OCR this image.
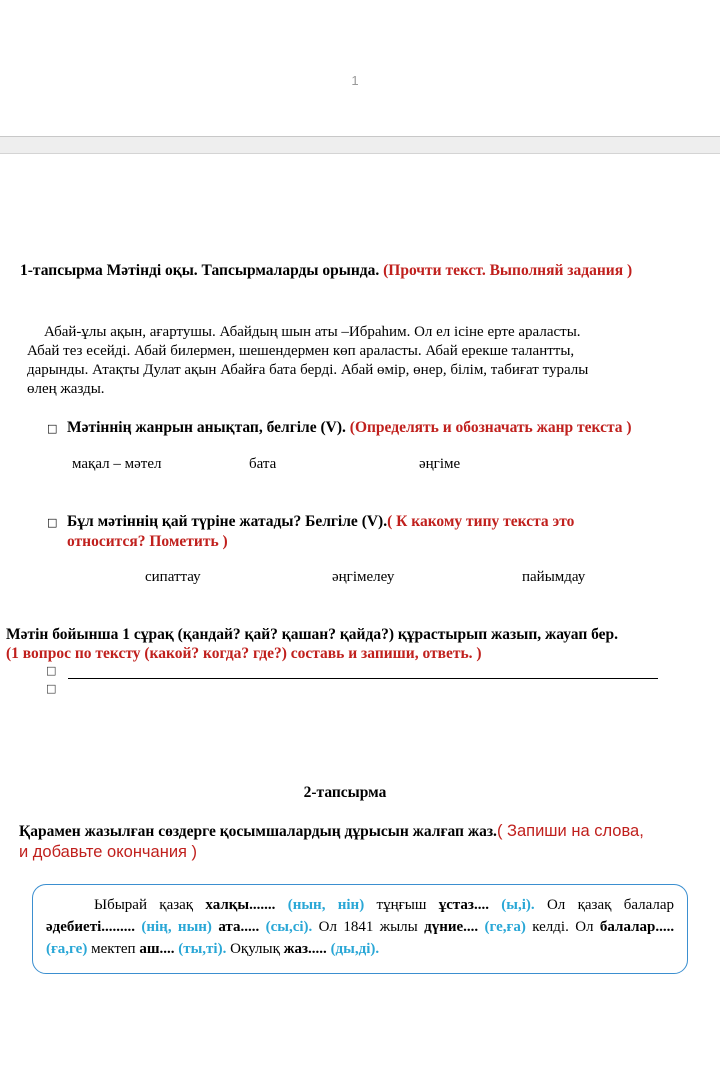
1
1-тапсырма Мәтінді оқы. Тапсырмаларды орында. (Прочти текст. Выполняй задания )
Абай-ұлы ақын, ағартушы. Абайдың шын аты –Ибраһим. Ол ел ісіне ерте араласты.
Абай тез есейді. Абай билермен, шешендермен көп араласты. Абай ерекше талантты,
дарынды. Атақты Дулат ақын Абайға бата берді. Абай өмір, өнер, білім, табиғат туралы
өлең жазды.
□ Мәтіннің жанрын анықтап, белгіле (V). (Определять и обозначать жанр текста )
мақал – мәтел	бата	әңгіме
□ Бұл мәтіннің қай түріне жатады? Белгіле (V).( К какому типу текста это
относится? Пометить )
сипаттау	әңгімелеу	пайымдау
Мәтін бойынша 1 сұрақ (қандай? қай? қашан? қайда?) құрастырып жазып, жауап бер.
(1 вопрос по тексту (какой? когда? где?) составь и запиши, ответь. )
□
□
2-тапсырма
Қарамен жазылған сөздерге қосымшалардың дұрысын жалғап жаз.( Запиши на слова,
и добавьте окончания )
Ыбырай қазақ халқы....... (нын, нін) тұңғыш ұстаз.... (ы,і). Ол қазақ балалар әдебиеті......... (нің, нын) ата..... (сы,сі). Ол 1841 жылы дүние.... (ге,ға) келді. Ол балалар..... (ға,ге) мектеп аш.... (ты,ті). Оқулық жаз..... (ды,ді).
